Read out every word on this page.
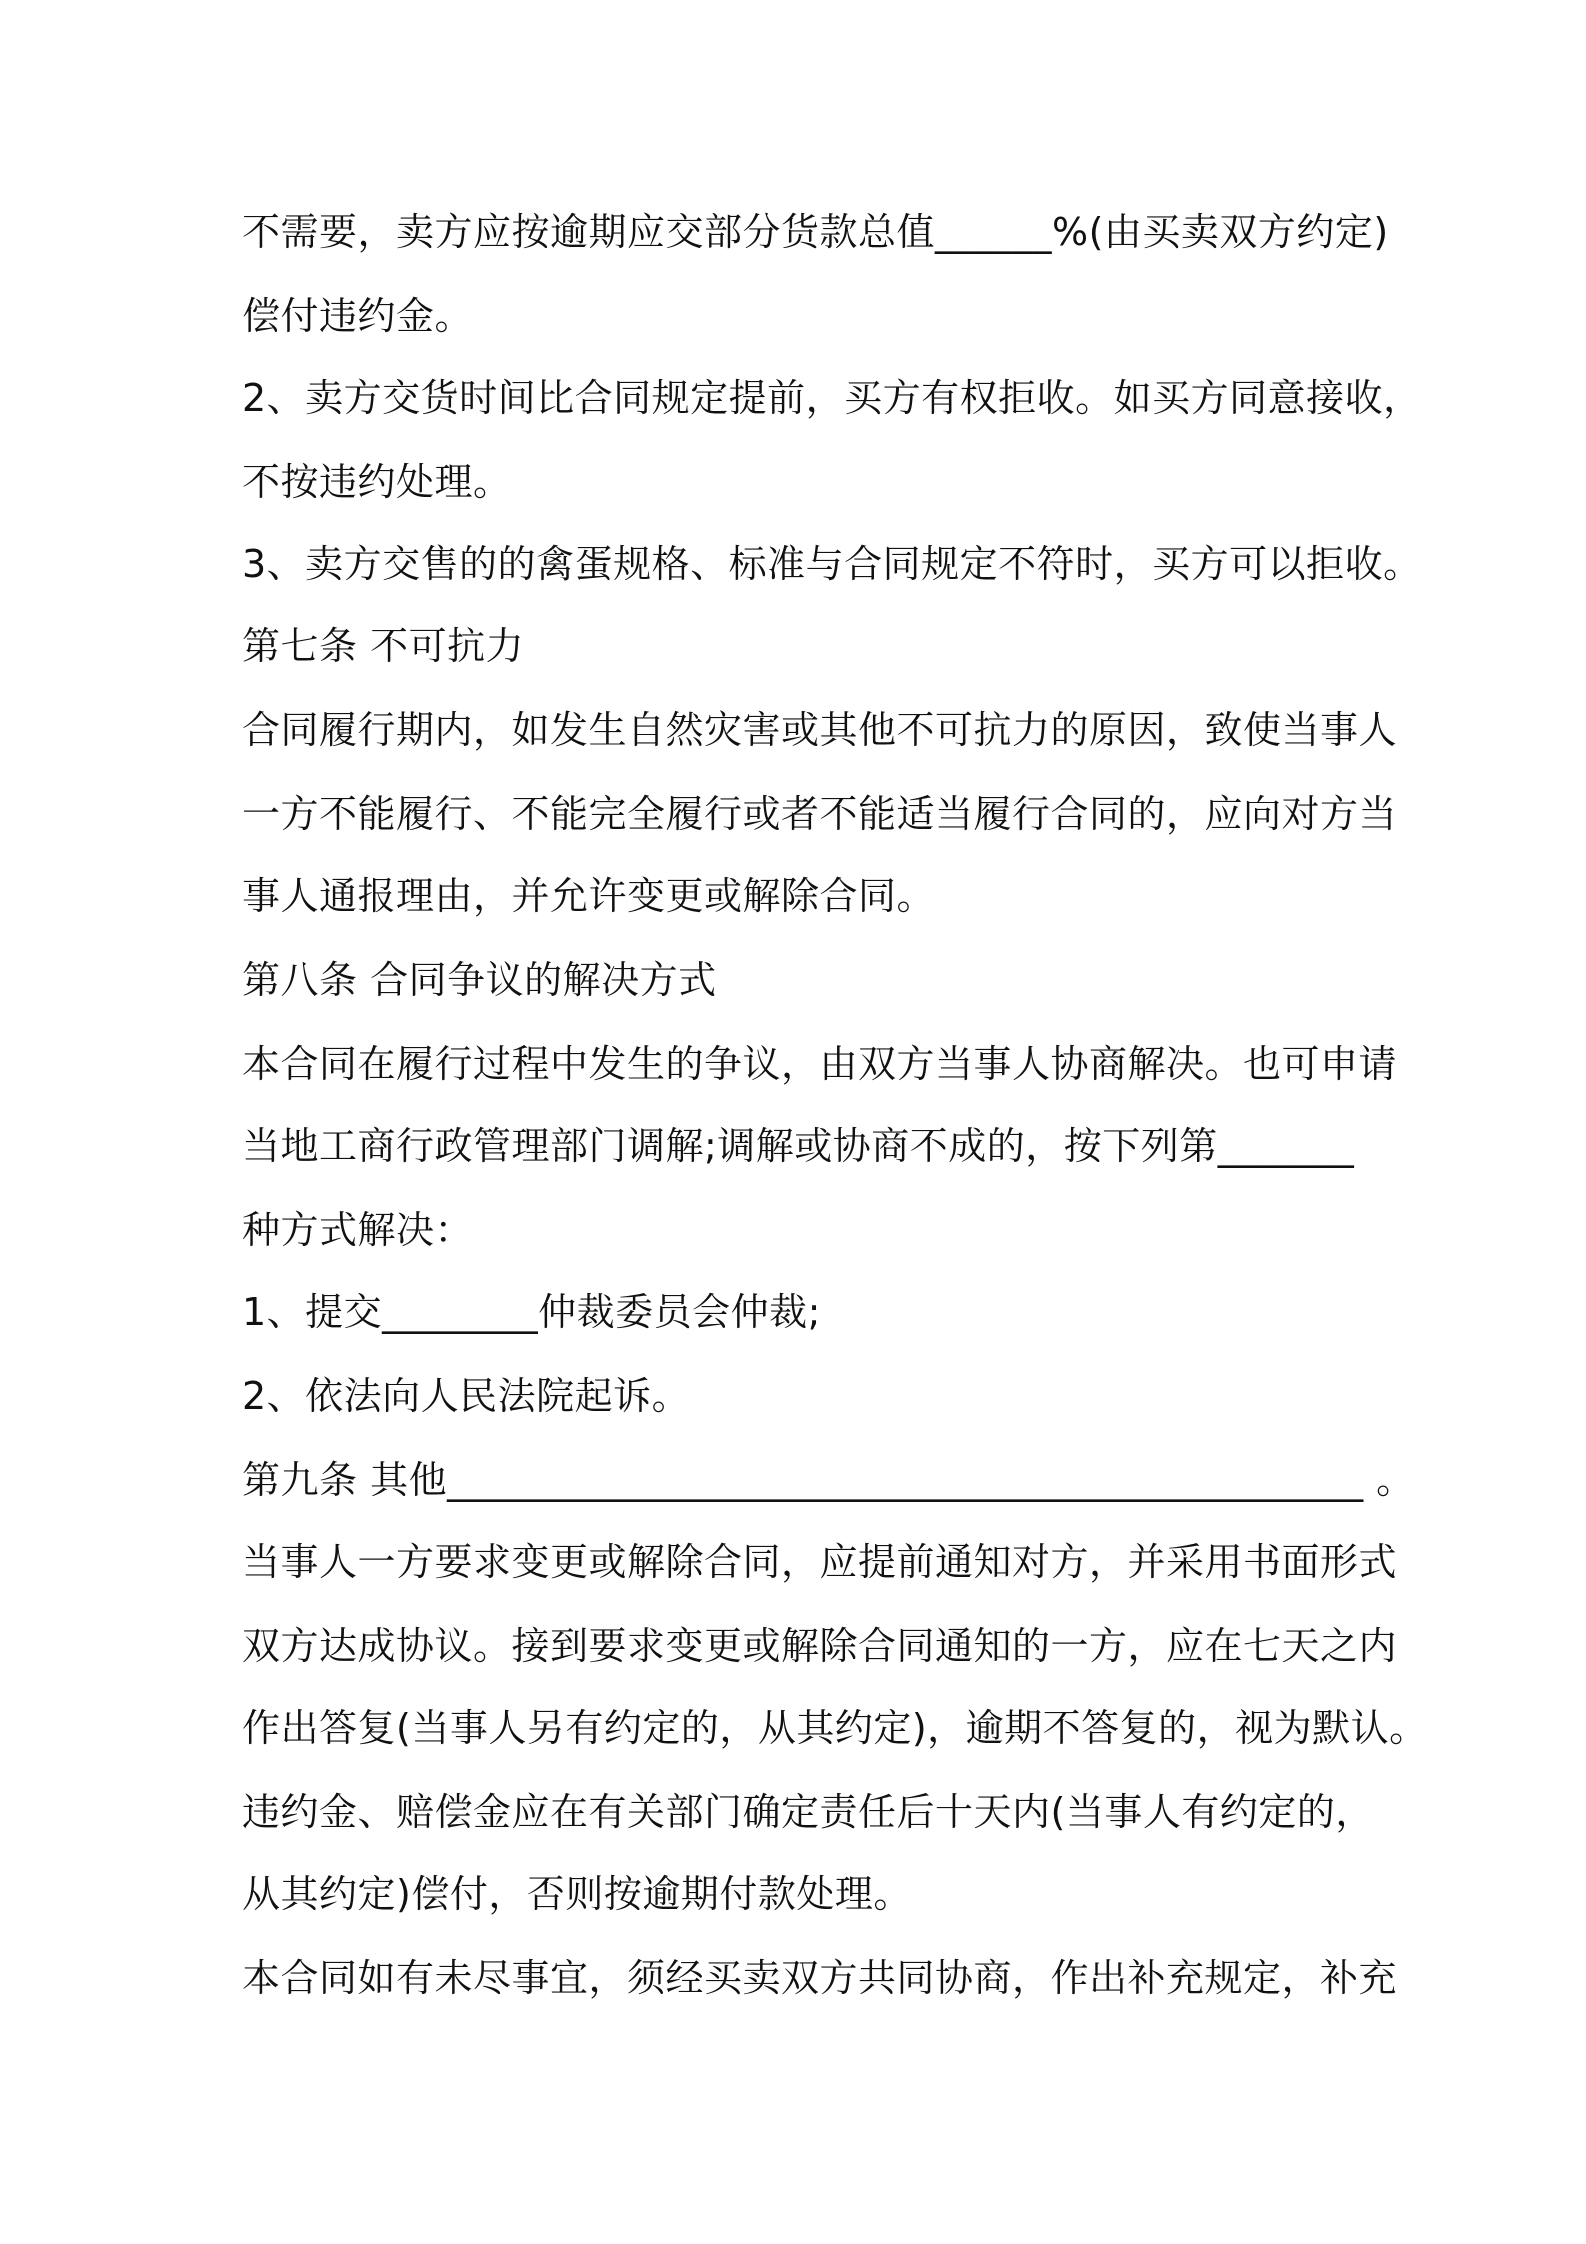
不需要，卖方应按逾期应交部分货款总值______%(由买卖双方约定)
偿付违约金。
2、卖方交货时间比合同规定提前，买方有权拒收。如买方同意接收，
不按违约处理。
3、卖方交售的的禽蛋规格、标准与合同规定不符时，买方可以拒收。
第七条 不可抗力
合同履行期内，如发生自然灾害或其他不可抗力的原因，致使当事人
一方不能履行、不能完全履行或者不能适当履行合同的，应向对方当
事人通报理由，并允许变更或解除合同。
第八条 合同争议的解决方式
本合同在履行过程中发生的争议，由双方当事人协商解决。也可申请
当地工商行政管理部门调解;调解或协商不成的，按下列第_______
种方式解决：
1、提交________仲裁委员会仲裁;
2、依法向人民法院起诉。
第九条 其他_______________________________________________ 。
当事人一方要求变更或解除合同，应提前通知对方，并采用书面形式
双方达成协议。接到要求变更或解除合同通知的一方，应在七天之内
作出答复(当事人另有约定的，从其约定)，逾期不答复的，视为默认。
违约金、赔偿金应在有关部门确定责任后十天内(当事人有约定的，
从其约定)偿付，否则按逾期付款处理。
本合同如有未尽事宜，须经买卖双方共同协商，作出补充规定，补充
